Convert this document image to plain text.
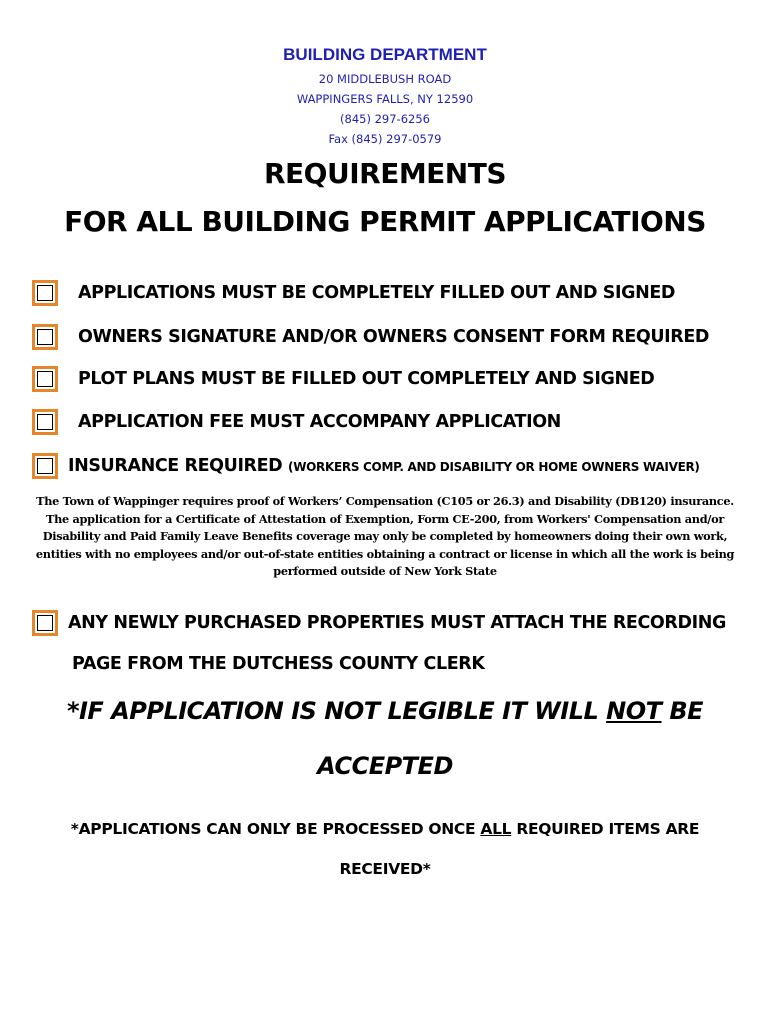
BUILDING DEPARTMENT
20 MIDDLEBUSH ROAD
WAPPINGERS FALLS, NY 12590
(845) 297-6256
Fax (845) 297-0579
REQUIREMENTS
FOR ALL BUILDING PERMIT APPLICATIONS
APPLICATIONS MUST BE COMPLETELY FILLED OUT AND SIGNED
OWNERS SIGNATURE AND/OR OWNERS CONSENT FORM REQUIRED
PLOT PLANS MUST BE FILLED OUT COMPLETELY AND SIGNED
APPLICATION FEE MUST ACCOMPANY APPLICATION
INSURANCE REQUIRED (WORKERS COMP. AND DISABILITY OR HOME OWNERS WAIVER)
The Town of Wappinger requires proof of Workers’ Compensation (C105 or 26.3) and Disability (DB120) insurance. The application for a Certificate of Attestation of Exemption, Form CE-200, from Workers' Compensation and/or Disability and Paid Family Leave Benefits coverage may only be completed by homeowners doing their own work, entities with no employees and/or out-of-state entities obtaining a contract or license in which all the work is being performed outside of New York State
ANY NEWLY PURCHASED PROPERTIES MUST ATTACH THE RECORDING
PAGE FROM THE DUTCHESS COUNTY CLERK
*IF APPLICATION IS NOT LEGIBLE IT WILL NOT BE
ACCEPTED
*APPLICATIONS CAN ONLY BE PROCESSED ONCE ALL REQUIRED ITEMS ARE
RECEIVED*
